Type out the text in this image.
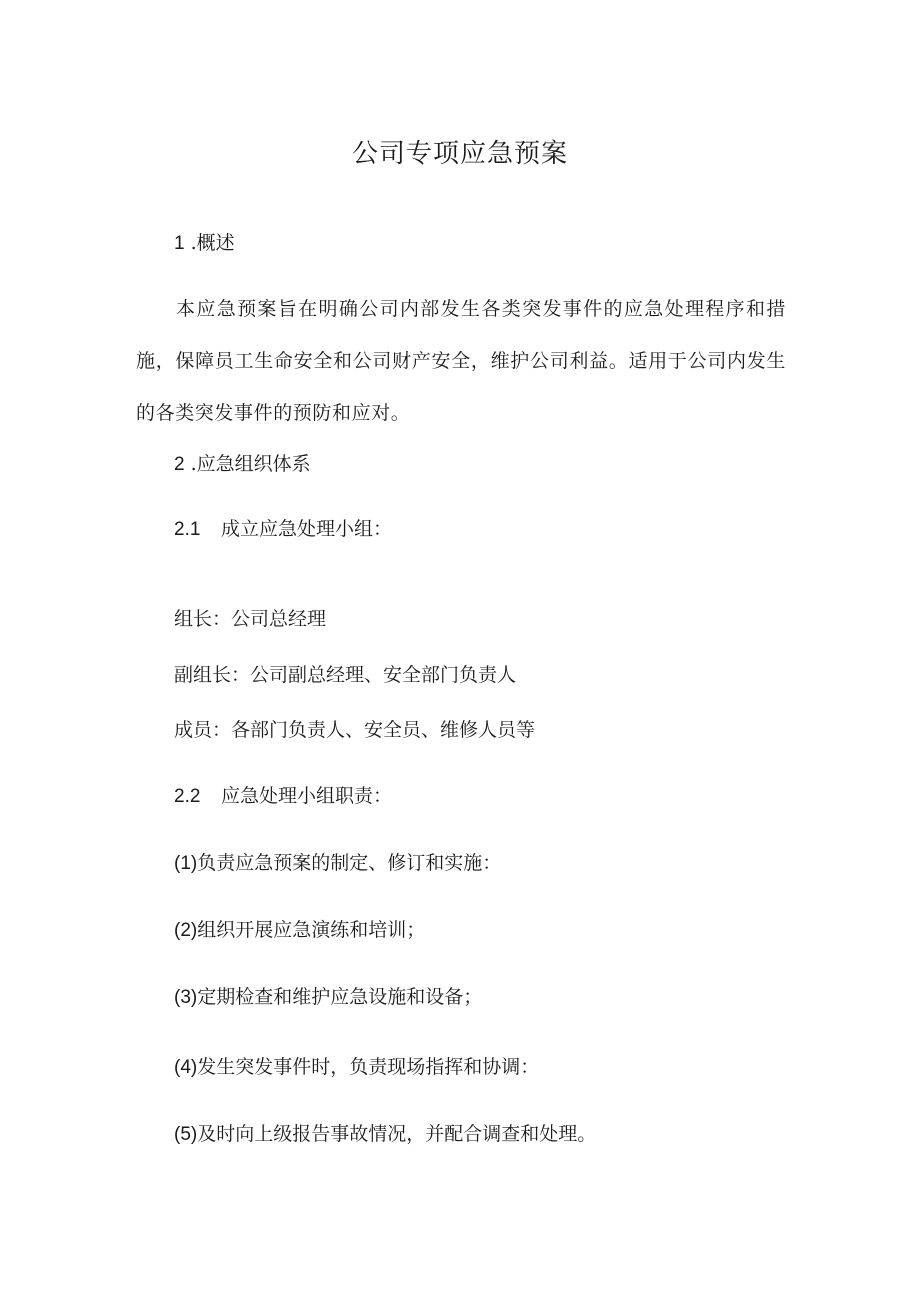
公司专项应急预案
1 .概述
本应急预案旨在明确公司内部发生各类突发事件的应急处理程序和措施，保障员工生命安全和公司财产安全，维护公司利益。适用于公司内发生的各类突发事件的预防和应对。
2 .应急组织体系
2.1 成立应急处理小组：
组长：公司总经理
副组长：公司副总经理、安全部门负责人
成员：各部门负责人、安全员、维修人员等
2.2 应急处理小组职责：
(1)负责应急预案的制定、修订和实施：
(2)组织开展应急演练和培训；
(3)定期检查和维护应急设施和设备；
(4)发生突发事件时，负责现场指挥和协调：
(5)及时向上级报告事故情况，并配合调查和处理。
